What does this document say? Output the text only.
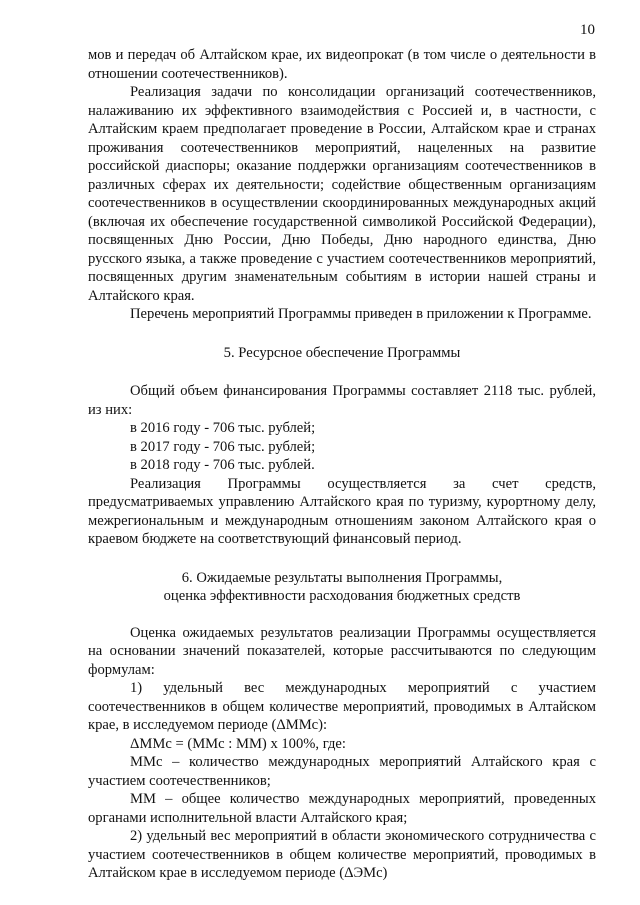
10

мов и передач об Алтайском крае, их видеопрокат (в том числе о деятельности в отношении соотечественников).

Реализация задачи по консолидации организаций соотечественников, налаживанию их эффективного взаимодействия с Россией и, в частности, с Алтайским краем предполагает проведение в России, Алтайском крае и странах проживания соотечественников мероприятий, нацеленных на развитие российской диаспоры; оказание поддержки организациям соотечественников в различных сферах их деятельности; содействие общественным организациям соотечественников в осуществлении скоординированных международных акций (включая их обеспечение государственной символикой Российской Федерации), посвященных Дню России, Дню Победы, Дню народного единства, Дню русского языка, а также проведение с участием соотечественников мероприятий, посвященных другим знаменательным событиям в истории нашей страны и Алтайского края.

Перечень мероприятий Программы приведен в приложении к Программе.

5. Ресурсное обеспечение Программы

Общий объем финансирования Программы составляет 2118 тыс. рублей, из них:

в 2016 году - 706 тыс. рублей;

в 2017 году - 706 тыс. рублей;

в 2018 году - 706 тыс. рублей.

Реализация Программы осуществляется за счет средств, предусматриваемых управлению Алтайского края по туризму, курортному делу, межрегиональным и международным отношениям законом Алтайского края о краевом бюджете на соответствующий финансовый период.

6. Ожидаемые результаты выполнения Программы,
оценка эффективности расходования бюджетных средств

Оценка ожидаемых результатов реализации Программы осуществляется на основании значений показателей, которые рассчитываются по следующим формулам:

1) удельный вес международных мероприятий с участием соотечественников в общем количестве мероприятий, проводимых в Алтайском крае, в исследуемом периоде (ΔММс):

ΔММс = (ММс : ММ) х 100%, где:

ММс – количество международных мероприятий Алтайского края с участием соотечественников;

ММ – общее количество международных мероприятий, проведенных органами исполнительной власти Алтайского края;

2) удельный вес мероприятий в области экономического сотрудничества с участием соотечественников в общем количестве мероприятий, проводимых в Алтайском крае в исследуемом периоде (ΔЭМс)
